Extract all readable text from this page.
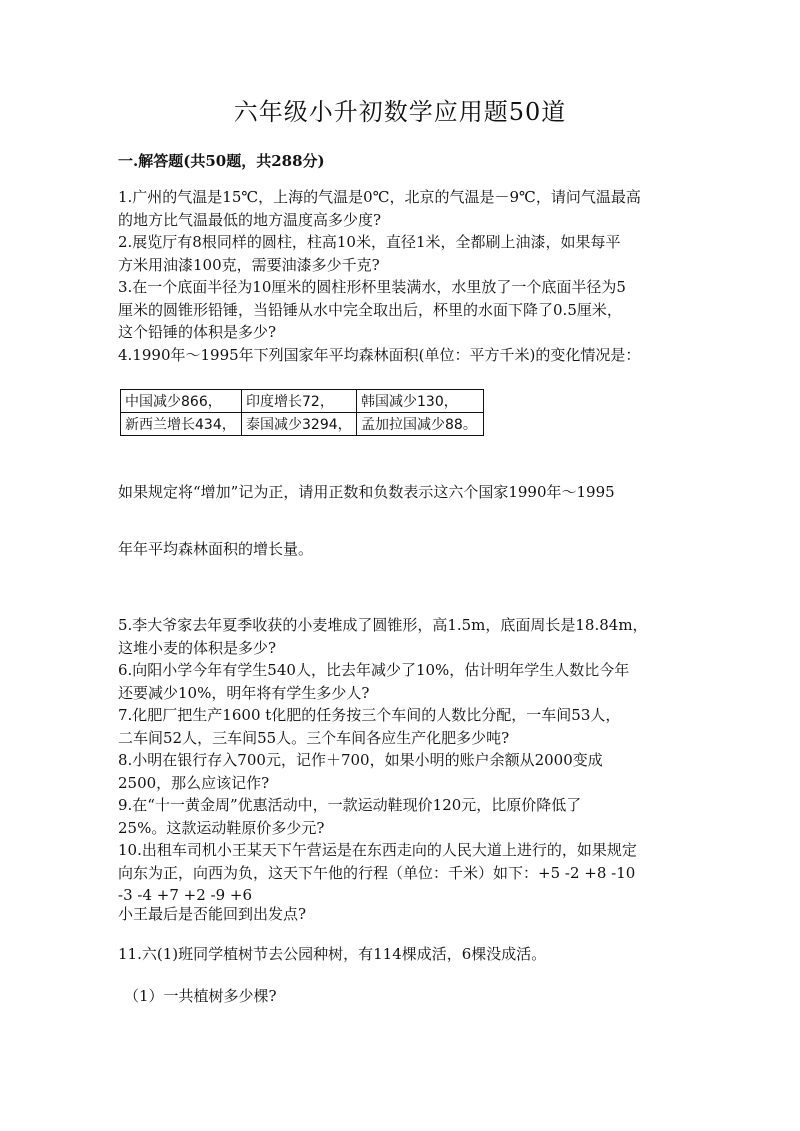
六年级小升初数学应用题50道
一.解答题(共50题，共288分)

1.广州的气温是15℃，上海的气温是0℃，北京的气温是－9℃，请问气温最高

的地方比气温最低的地方温度高多少度?

2.展览厅有8根同样的圆柱，柱高10米，直径1米，全都刷上油漆，如果每平

方米用油漆100克，需要油漆多少千克?

3.在一个底面半径为10厘米的圆柱形杯里装满水，水里放了一个底面半径为5

厘米的圆锥形铅锤，当铅锤从水中完全取出后，杯里的水面下降了0.5厘米，

这个铅锤的体积是多少?

4.1990年～1995年下列国家年平均森林面积(单位：平方千米)的变化情况是：

中国减少866，	印度增长72，	韩国减少130，
新西兰增长434，	泰国减少3294，	孟加拉国减少88。

如果规定将“增加”记为正，请用正数和负数表示这六个国家1990年～1995

年年平均森林面积的增长量。

5.李大爷家去年夏季收获的小麦堆成了圆锥形，高1.5m，底面周长是18.84m，

这堆小麦的体积是多少?

6.向阳小学今年有学生540人，比去年减少了10%，估计明年学生人数比今年

还要减少10%，明年将有学生多少人?

7.化肥厂把生产1600 t化肥的任务按三个车间的人数比分配，一车间53人，

二车间52人，三车间55人。三个车间各应生产化肥多少吨?

8.小明在银行存入700元，记作＋700，如果小明的账户余额从2000变成

2500，那么应该记作?

9.在“十一黄金周”优惠活动中，一款运动鞋现价120元，比原价降低了

25%。这款运动鞋原价多少元?

10.出租车司机小王某天下午营运是在东西走向的人民大道上进行的，如果规定

向东为正，向西为负，这天下午他的行程（单位：千米）如下：+5 -2 +8 -10

-3 -4 +7 +2 -9 +6

小王最后是否能回到出发点?

11.六(1)班同学植树节去公园种树，有114棵成活，6棵没成活。

（1）一共植树多少棵?
